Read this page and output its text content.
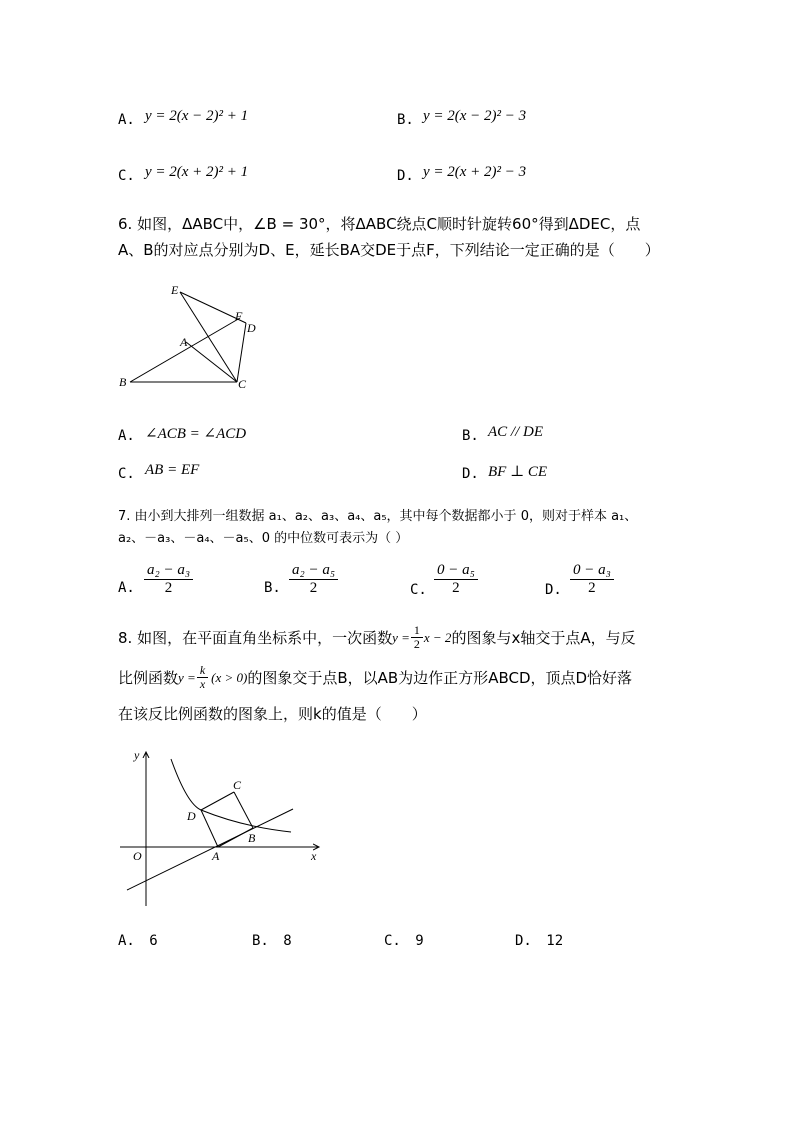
A. y = 2(x − 2)² + 1	B. y = 2(x − 2)² − 3
C. y = 2(x + 2)² + 1	D. y = 2(x + 2)² − 3
6. 如图，ΔABC中，∠B = 30°，将ΔABC绕点C顺时针旋转60°得到ΔDEC，点
A、B的对应点分别为D、E，延长BA交DE于点F，下列结论一定正确的是（　　）
E
F
D
A
B	C
A. ∠ACB = ∠ACD	B. AC // DE
C. AB = EF	D. BF ⊥ CE
7. 由小到大排列一组数据 a₁、a₂、a₃、a₄、a₅，其中每个数据都小于 0，则对于样本 a₁、
a₂、－a₃、－a₄、－a₅、0 的中位数可表示为（ ）
A. $\frac{\text{a₂ − a₃}}{2}$	B. $\frac{\text{a₂ − a₅}}{2}$	C. $\frac{\text{0 − a₅}}{2}$	D. $\frac{\text{0 − a₃}}{2}$
8. 如图，在平面直角坐标系中，一次函数 $y = \frac{1}{2}$ x − 2 的图象与x轴交于点A，与反
比例函数 $y = \frac{k}{x} (x > 0)$ 的图象交于点B，以AB为边作正方形ABCD，顶点D恰好落
在该反比例函数的图象上，则k的值是（　　）
y
x
O	A
B
C
D
A. 6	B. 8	C. 9	D. 12
